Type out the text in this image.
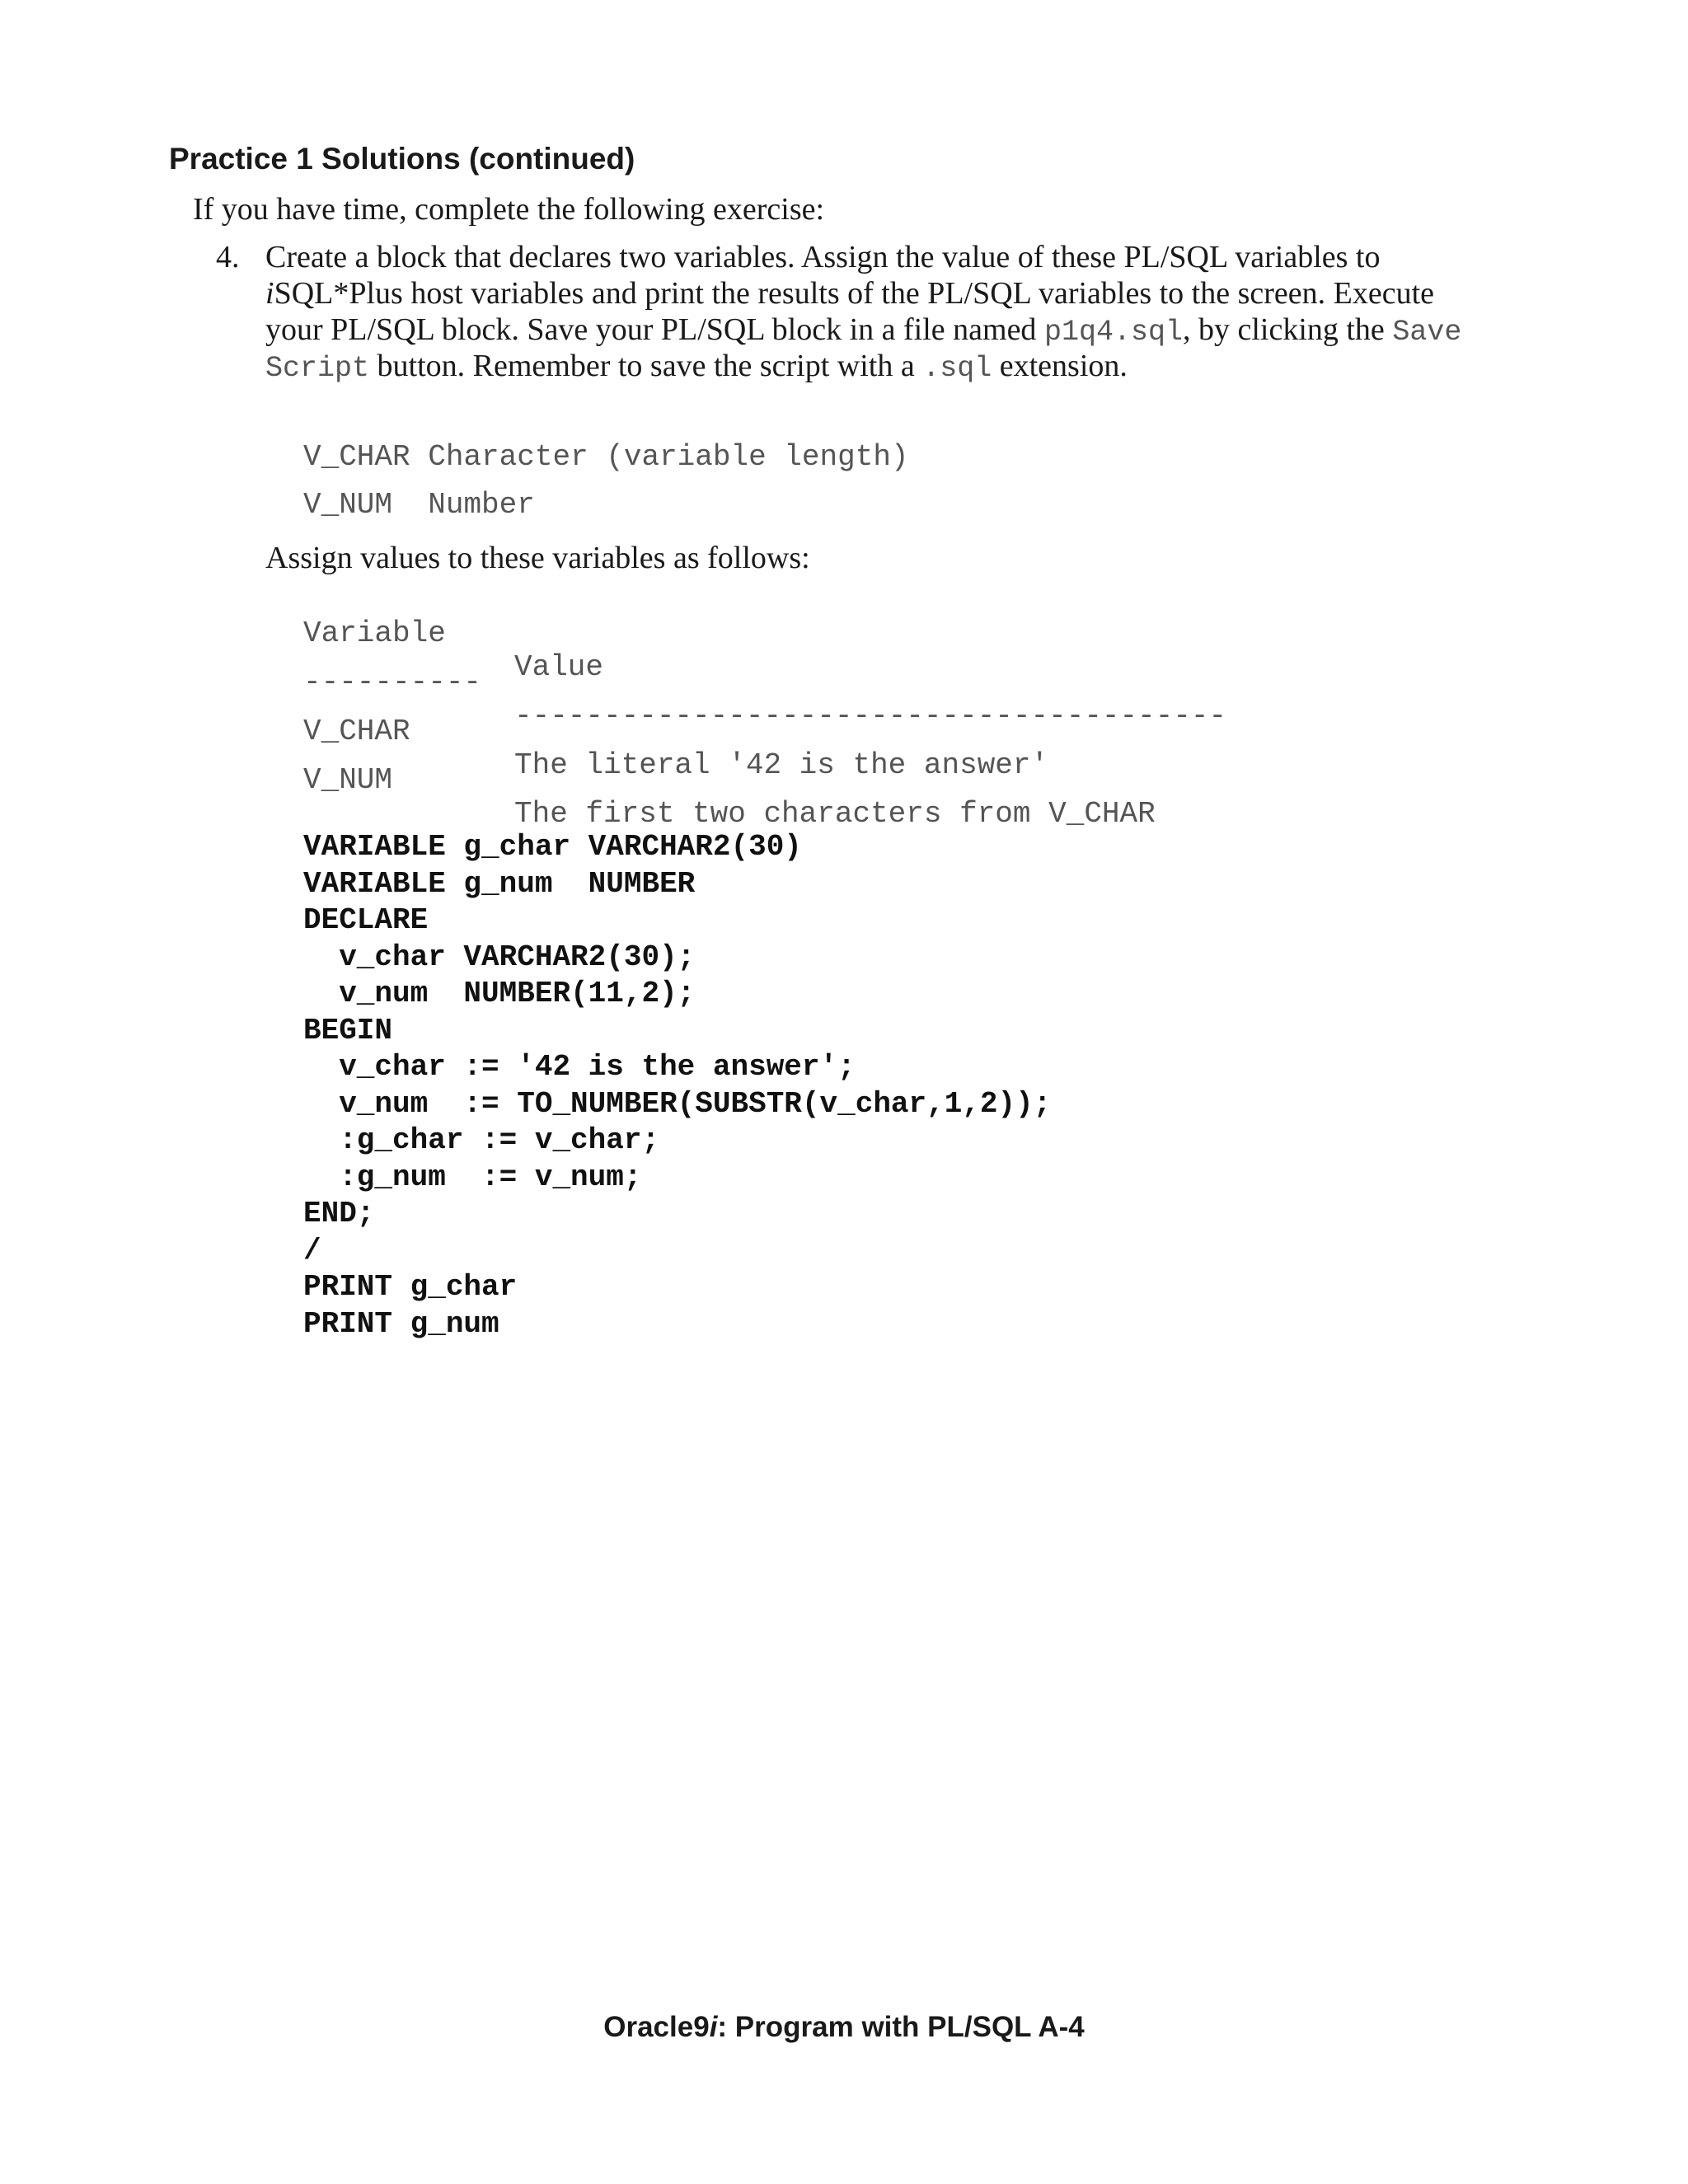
Practice 1 Solutions (continued)
If you have time, complete the following exercise:
4. Create a block that declares two variables. Assign the value of these PL/SQL variables to
iSQL*Plus host variables and print the results of the PL/SQL variables to the screen. Execute
your PL/SQL block. Save your PL/SQL block in a file named p1q4.sql, by clicking the Save
Script button. Remember to save the script with a .sql extension.
V_CHAR Character (variable length)
V_NUM Number
Assign values to these variables as follows:

Variable

Value

----------

----------------------------------------

V_CHAR

The literal '42 is the answer'

V_NUM

The first two characters from V_CHAR

VARIABLE g_char VARCHAR2(30)
VARIABLE g_num  NUMBER
DECLARE
v_char VARCHAR2(30);
v_num  NUMBER(11,2);
BEGIN
v_char := '42 is the answer';
v_num  := TO_NUMBER(SUBSTR(v_char,1,2));
:g_char := v_char;
:g_num  := v_num;
END;
/
PRINT g_char
PRINT g_num
Oracle9i: Program with PL/SQL A-4
